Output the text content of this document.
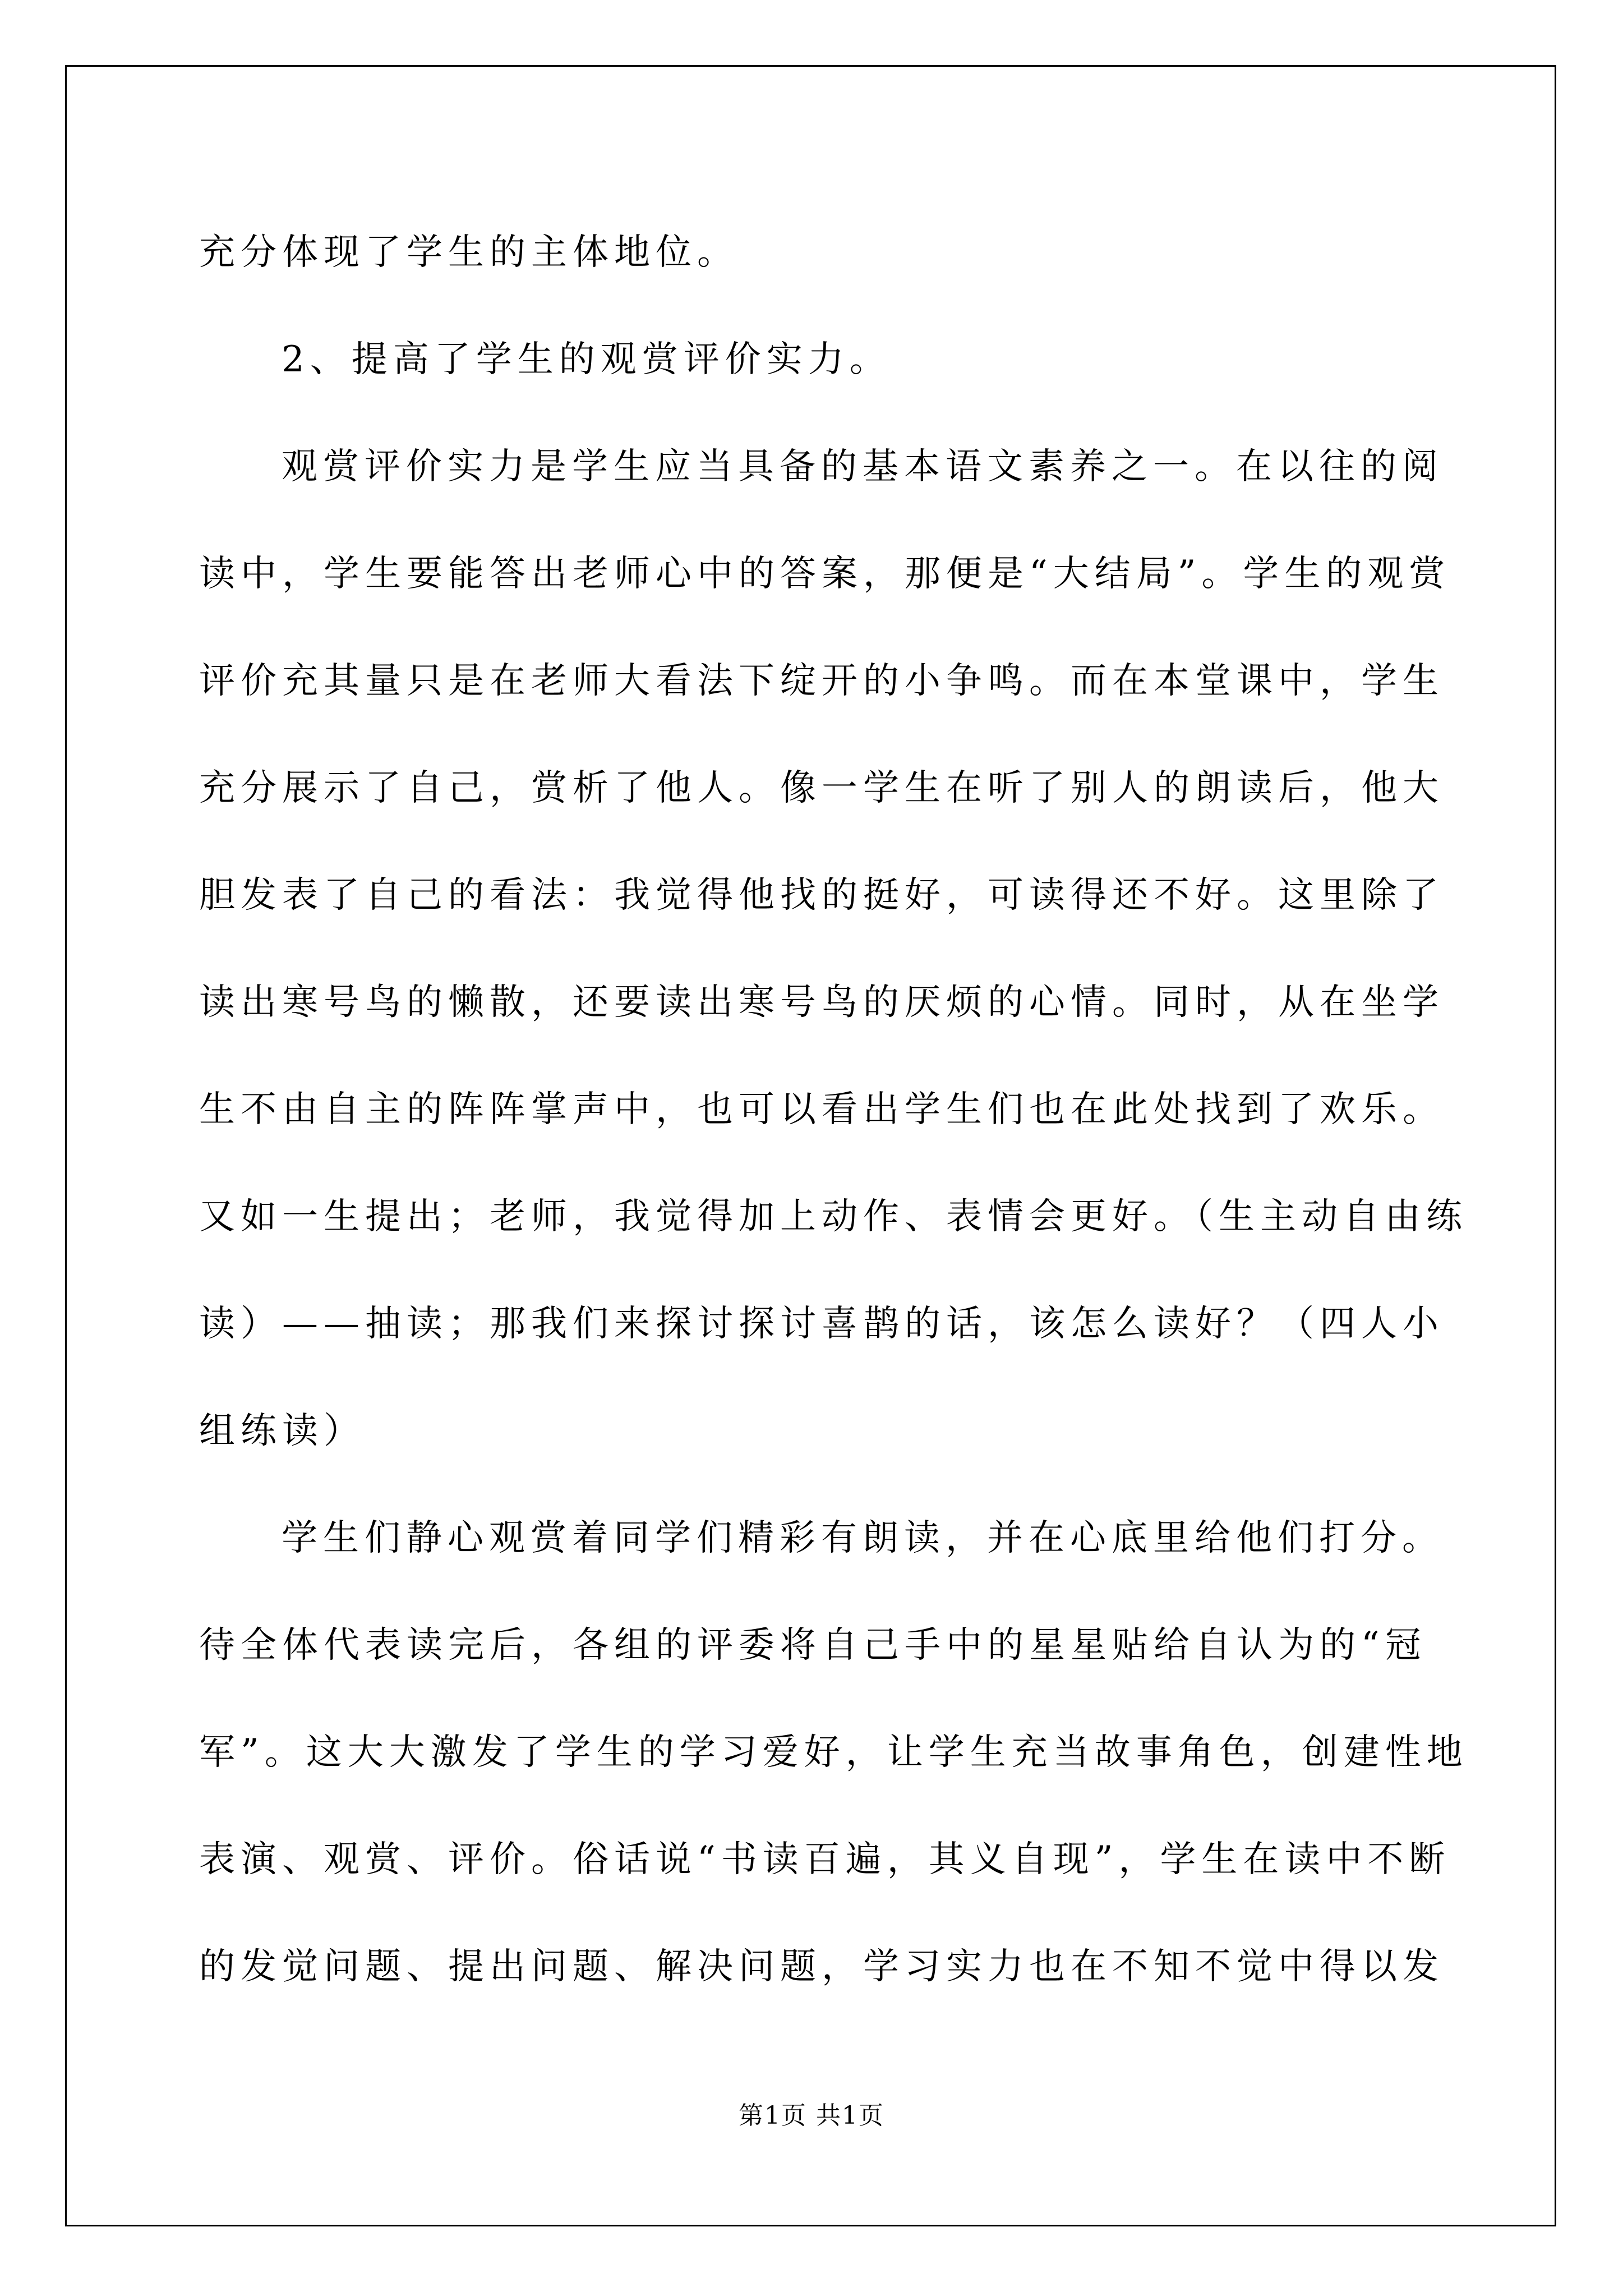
充分体现了学生的主体地位。
2、提高了学生的观赏评价实力。
观赏评价实力是学生应当具备的基本语文素养之一。在以往的阅
读中，学生要能答出老师心中的答案，那便是“大结局”。学生的观赏
评价充其量只是在老师大看法下绽开的小争鸣。而在本堂课中，学生
充分展示了自己，赏析了他人。像一学生在听了别人的朗读后，他大
胆发表了自己的看法：我觉得他找的挺好，可读得还不好。这里除了
读出寒号鸟的懒散，还要读出寒号鸟的厌烦的心情。同时，从在坐学
生不由自主的阵阵掌声中，也可以看出学生们也在此处找到了欢乐。
又如一生提出；老师，我觉得加上动作、表情会更好。（生主动自由练
读）——抽读；那我们来探讨探讨喜鹊的话，该怎么读好？（四人小
组练读）
学生们静心观赏着同学们精彩有朗读，并在心底里给他们打分。
待全体代表读完后，各组的评委将自己手中的星星贴给自认为的“冠
军”。这大大激发了学生的学习爱好，让学生充当故事角色，创建性地
表演、观赏、评价。俗话说“书读百遍，其义自现”，学生在读中不断
的发觉问题、提出问题、解决问题，学习实力也在不知不觉中得以发
第1页 共1页
